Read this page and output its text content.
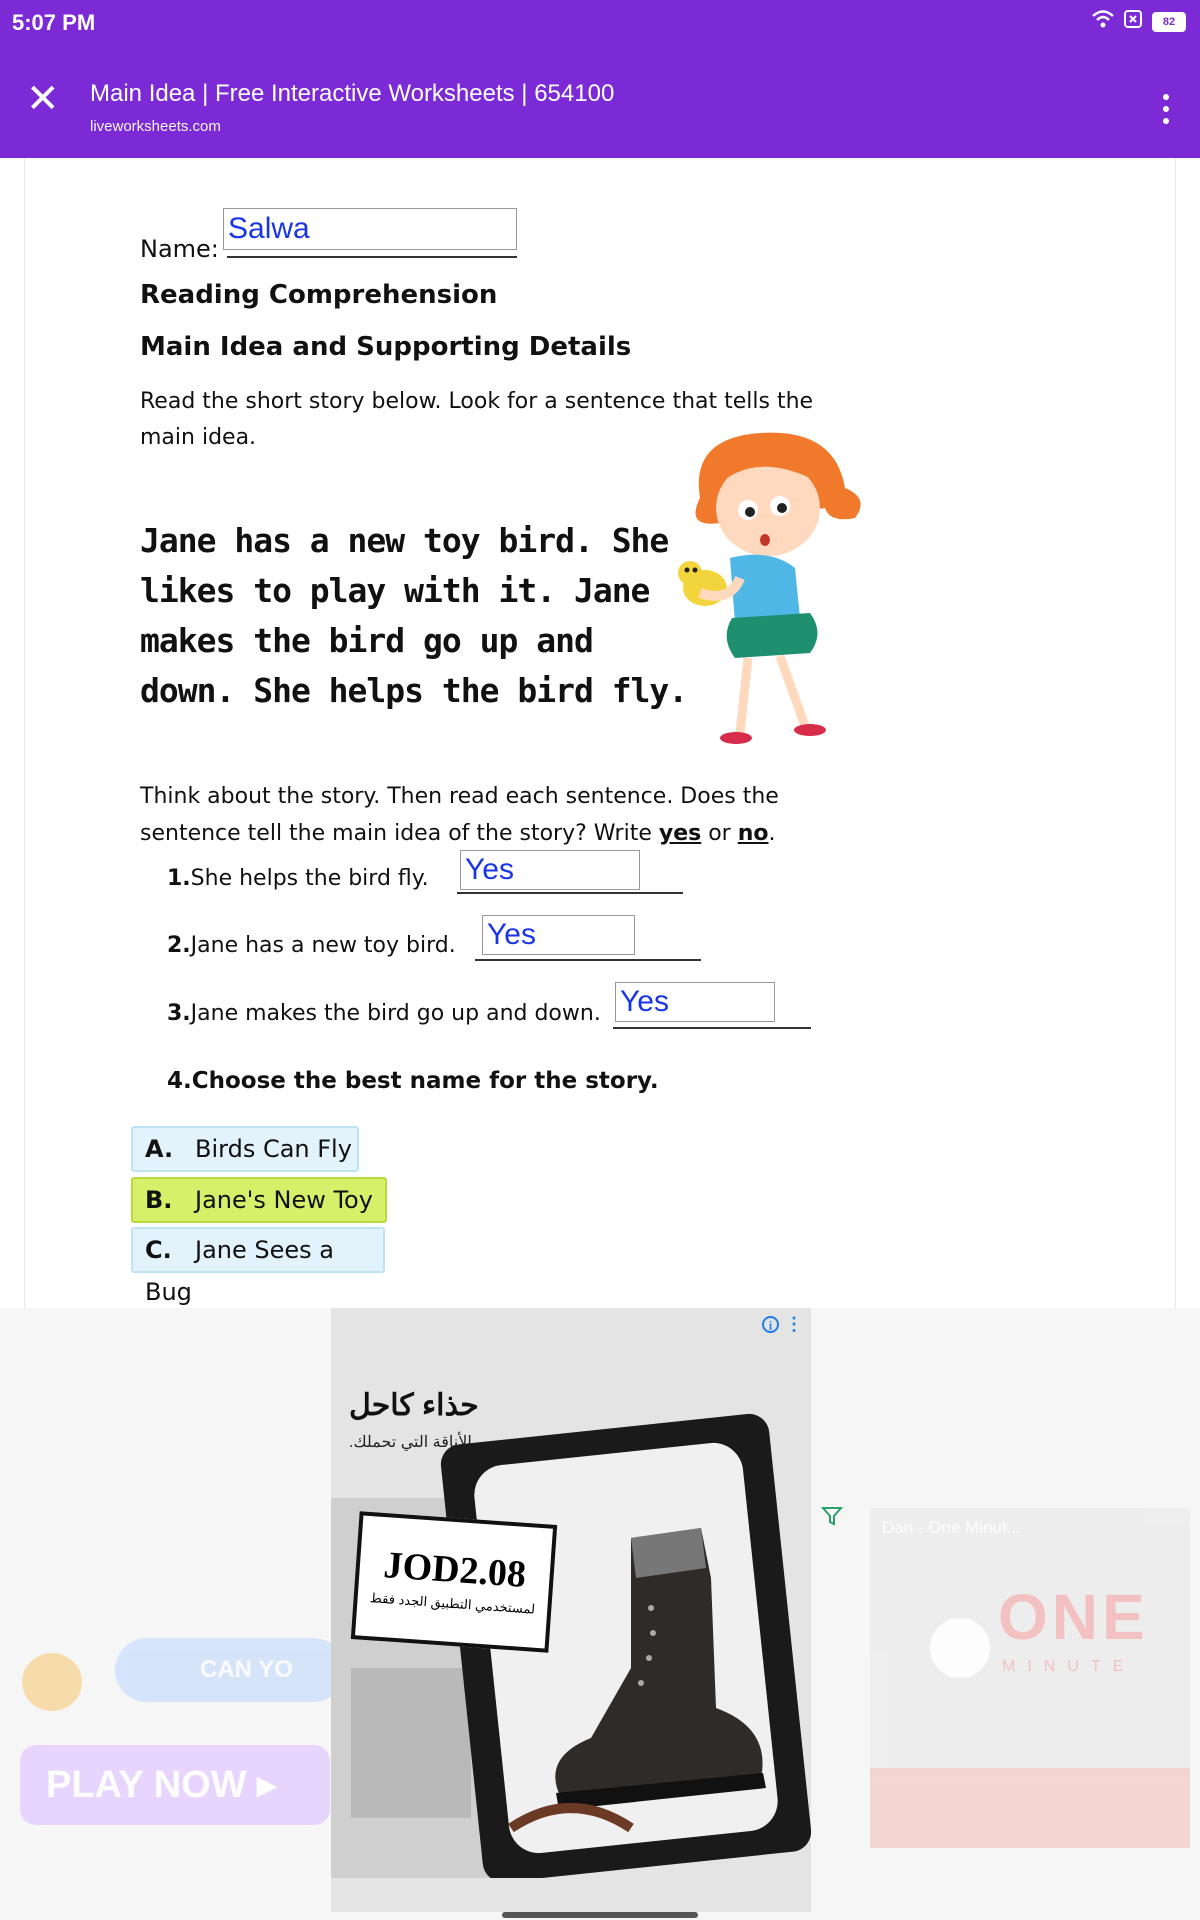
5:07 PM	82
✕ Main Idea | Free Interactive Worksheets | 654100
liveworksheets.com
Name:
Salwa
Reading Comprehension
Main Idea and Supporting Details
Read the short story below. Look for a sentence that tells the main idea.
Jane has a new toy bird. She likes to play with it. Jane makes the bird go up and down. She helps the bird fly.
Think about the story. Then read each sentence. Does the sentence tell the main idea of the story? Write yes or no.
1.She helps the bird fly. Yes
2.Jane has a new toy bird. Yes
3.Jane makes the bird go up and down. Yes
4.Choose the best name for the story.
A. Birds Can Fly
B. Jane's New Toy
C. Jane Sees a Bug
CAN YO
PLAY NOW ▸
Dan - One Minut...
ONE
MINUTE
i ⋮
حذاء كاحل
الأناقة التي تحملك.
JOD2.08
لمستخدمي التطبيق الجدد فقط
